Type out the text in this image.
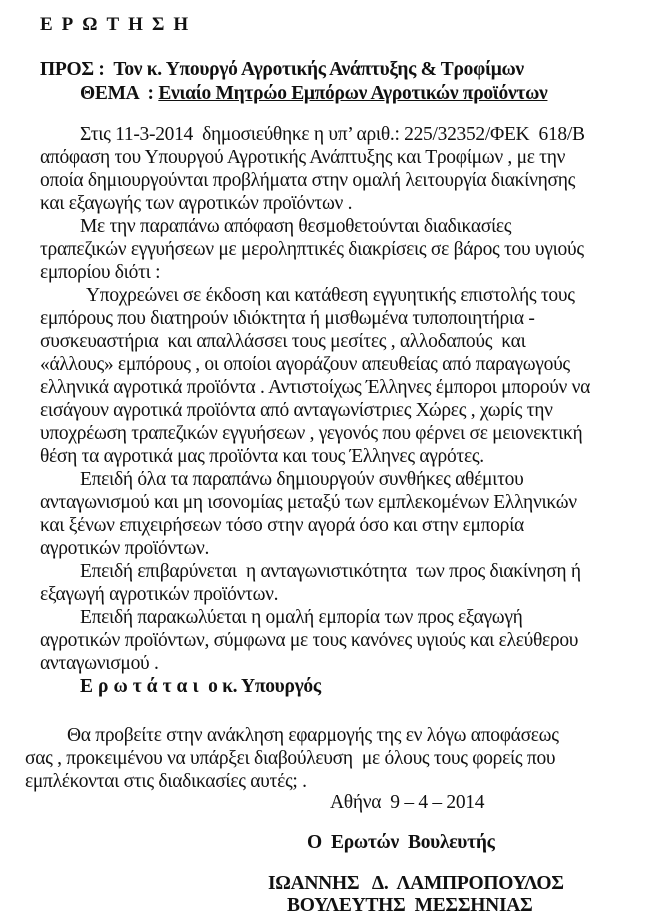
ΕΡΩΤΗΣΗ
ΠΡΟΣ : Τον κ. Υπουργό Αγροτικής Ανάπτυξης & Τροφίμων
ΘΕΜΑ  : Ενιαίο Μητρώο Εμπόρων Αγροτικών προϊόντων
Στις 11-3-2014  δημοσιεύθηκε η υπ’ αριθ.: 225/32352/ΦΕΚ  618/Β
απόφαση του Υπουργού Αγροτικής Ανάπτυξης και Τροφίμων , με την
οποία δημιουργούνται προβλήματα στην ομαλή λειτουργία διακίνησης
και εξαγωγής των αγροτικών προϊόντων .
Με την παραπάνω απόφαση θεσμοθετούνται διαδικασίες
τραπεζικών εγγυήσεων με μεροληπτικές διακρίσεις σε βάρος του υγιούς
εμπορίου διότι :
Υποχρεώνει σε έκδοση και κατάθεση εγγυητικής επιστολής τους
εμπόρους που διατηρούν ιδιόκτητα ή μισθωμένα τυποποιητήρια -
συσκευαστήρια  και απαλλάσσει τους μεσίτες , αλλοδαπούς  και
«άλλους» εμπόρους , οι οποίοι αγοράζουν απευθείας από παραγωγούς
ελληνικά αγροτικά προϊόντα . Αντιστοίχως Έλληνες έμποροι μπορούν να
εισάγουν αγροτικά προϊόντα από ανταγωνίστριες Χώρες , χωρίς την
υποχρέωση τραπεζικών εγγυήσεων , γεγονός που φέρνει σε μειονεκτική
θέση τα αγροτικά μας προϊόντα και τους Έλληνες αγρότες.
Επειδή όλα τα παραπάνω δημιουργούν συνθήκες αθέμιτου
ανταγωνισμού και μη ισονομίας μεταξύ των εμπλεκομένων Ελληνικών
και ξένων επιχειρήσεων τόσο στην αγορά όσο και στην εμπορία
αγροτικών προϊόντων.
Επειδή επιβαρύνεται  η ανταγωνιστικότητα  των προς διακίνηση ή
εξαγωγή αγροτικών προϊόντων.
Επειδή παρακωλύεται η ομαλή εμπορία των προς εξαγωγή
αγροτικών προϊόντων, σύμφωνα με τους κανόνες υγιούς και ελεύθερου
ανταγωνισμού .
Ερωτάται ο κ. Υπουργός
Θα προβείτε στην ανάκληση εφαρμογής της εν λόγω αποφάσεως
σας , προκειμένου να υπάρξει διαβούλευση  με όλους τους φορείς που
εμπλέκονται στις διαδικασίες αυτές; .
Αθήνα  9 – 4 – 2014
Ο  Ερωτών  Βουλευτής
ΙΩΑΝΝΗΣ   Δ.  ΛΑΜΠΡΟΠΟΥΛΟΣ
ΒΟΥΛΕΥΤΗΣ  ΜΕΣΣΗΝΙΑΣ
